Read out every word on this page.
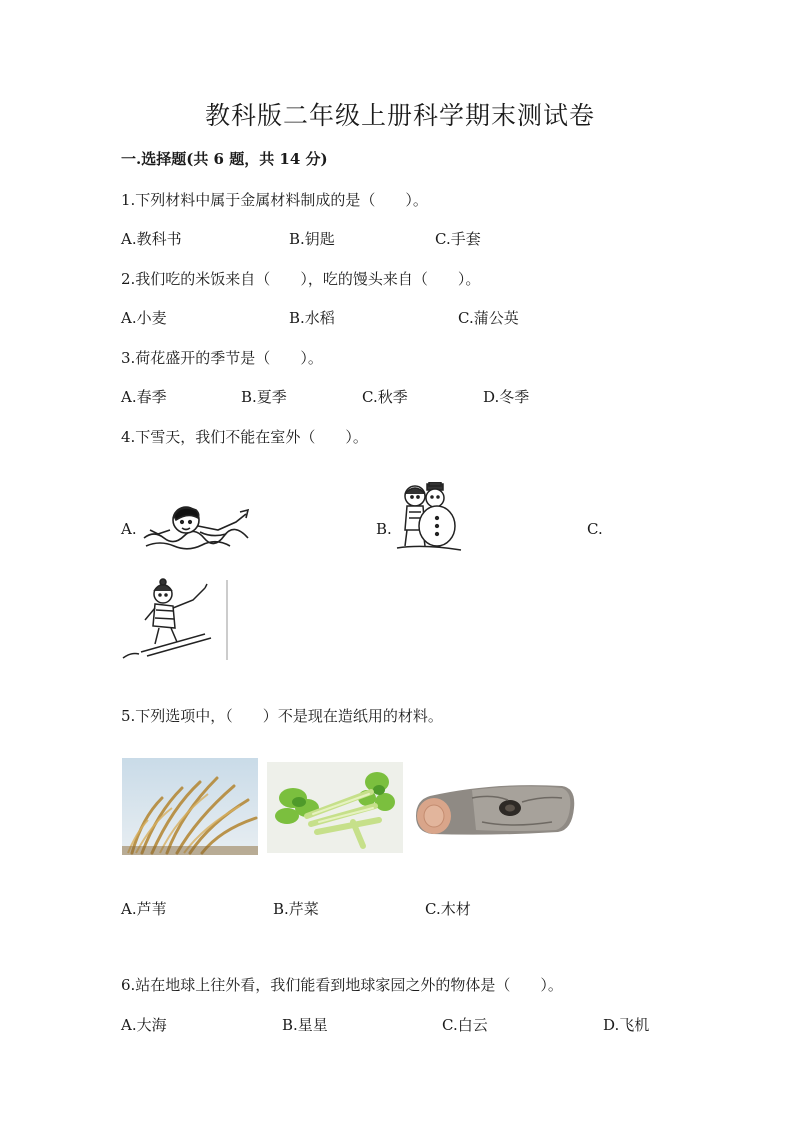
教科版二年级上册科学期末测试卷
一.选择题(共 6 题，共 14 分)
1.下列材料中属于金属材料制成的是（　　）。
A.教科书	B.钥匙	C.手套
2.我们吃的米饭来自（　　），吃的馒头来自（　　）。
A.小麦	B.水稻	C.蒲公英
3.荷花盛开的季节是（　　）。
A.春季	B.夏季	C.秋季	D.冬季
4.下雪天，我们不能在室外（　　）。
A.	B.	C.
5.下列选项中，（　　）不是现在造纸用的材料。
A.芦苇	B.芹菜	C.木材
6.站在地球上往外看，我们能看到地球家园之外的物体是（　　）。
A.大海	B.星星	C.白云	D.飞机
